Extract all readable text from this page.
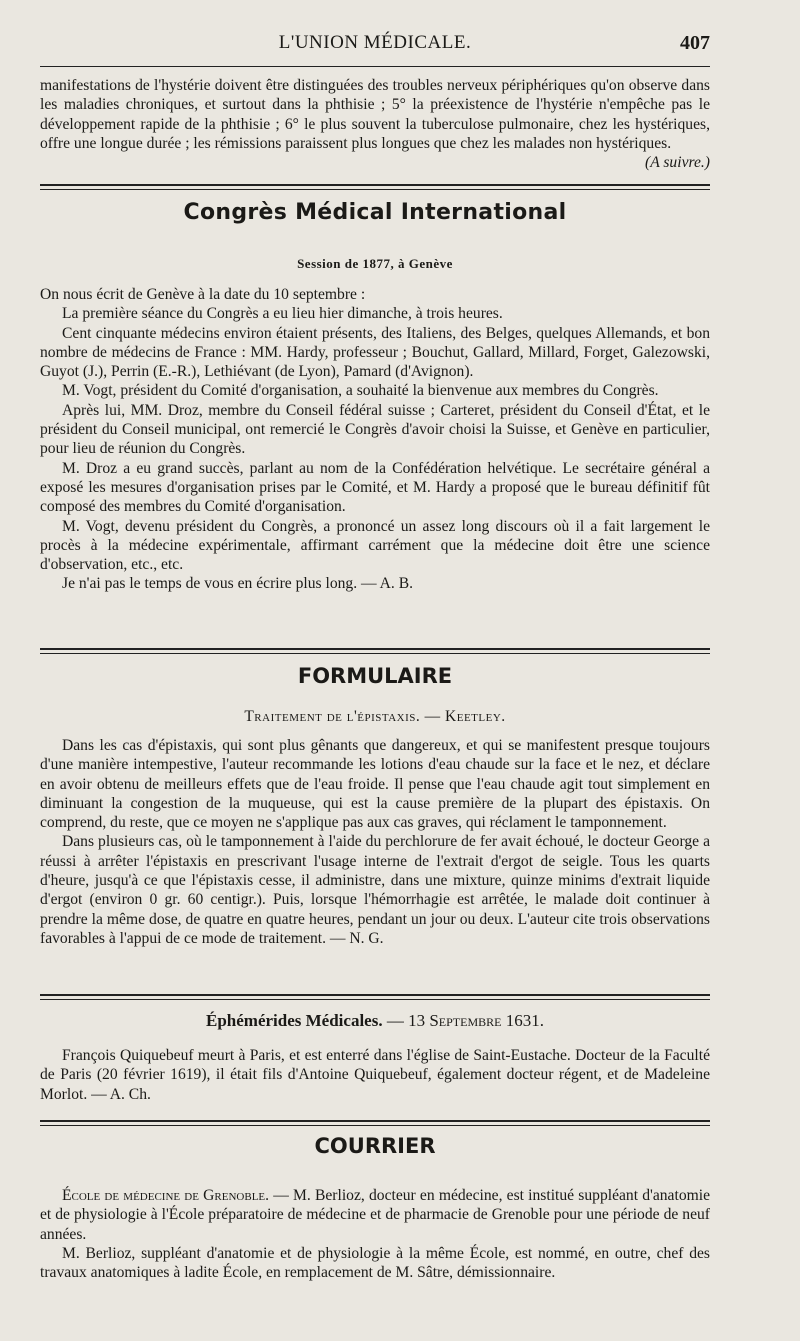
L'UNION MÉDICALE.	407
manifestations de l'hystérie doivent être distinguées des troubles nerveux périphériques qu'on observe dans les maladies chroniques, et surtout dans la phthisie ; 5° la préexistence de l'hystérie n'empêche pas le développement rapide de la phthisie ; 6° le plus souvent la tuberculose pulmonaire, chez les hystériques, offre une longue durée ; les rémissions paraissent plus longues que chez les malades non hystériques.
(A suivre.)
Congrès Médical International
Session de 1877, à Genève

On nous écrit de Genève à la date du 10 septembre :

La première séance du Congrès a eu lieu hier dimanche, à trois heures.

Cent cinquante médecins environ étaient présents, des Italiens, des Belges, quelques Allemands, et bon nombre de médecins de France : MM. Hardy, professeur ; Bouchut, Gallard, Millard, Forget, Galezowski, Guyot (J.), Perrin (E.-R.), Lethiévant (de Lyon), Pamard (d'Avignon).

M. Vogt, président du Comité d'organisation, a souhaité la bienvenue aux membres du Congrès.

Après lui, MM. Droz, membre du Conseil fédéral suisse ; Carteret, président du Conseil d'État, et le président du Conseil municipal, ont remercié le Congrès d'avoir choisi la Suisse, et Genève en particulier, pour lieu de réunion du Congrès.

M. Droz a eu grand succès, parlant au nom de la Confédération helvétique. Le secrétaire général a exposé les mesures d'organisation prises par le Comité, et M. Hardy a proposé que le bureau définitif fût composé des membres du Comité d'organisation.

M. Vogt, devenu président du Congrès, a prononcé un assez long discours où il a fait largement le procès à la médecine expérimentale, affirmant carrément que la médecine doit être une science d'observation, etc., etc.

Je n'ai pas le temps de vous en écrire plus long. — A. B.

FORMULAIRE
Traitement de l'épistaxis. — Keetley.

Dans les cas d'épistaxis, qui sont plus gênants que dangereux, et qui se manifestent presque toujours d'une manière intempestive, l'auteur recommande les lotions d'eau chaude sur la face et le nez, et déclare en avoir obtenu de meilleurs effets que de l'eau froide. Il pense que l'eau chaude agit tout simplement en diminuant la congestion de la muqueuse, qui est la cause première de la plupart des épistaxis. On comprend, du reste, que ce moyen ne s'applique pas aux cas graves, qui réclament le tamponnement.

Dans plusieurs cas, où le tamponnement à l'aide du perchlorure de fer avait échoué, le docteur George a réussi à arrêter l'épistaxis en prescrivant l'usage interne de l'extrait d'ergot de seigle. Tous les quarts d'heure, jusqu'à ce que l'épistaxis cesse, il administre, dans une mixture, quinze minims d'extrait liquide d'ergot (environ 0 gr. 60 centigr.). Puis, lorsque l'hémorrhagie est arrêtée, le malade doit continuer à prendre la même dose, de quatre en quatre heures, pendant un jour ou deux. L'auteur cite trois observations favorables à l'appui de ce mode de traitement. — N. G.

Éphémérides Médicales. — 13 Septembre 1631.
François Quiquebeuf meurt à Paris, et est enterré dans l'église de Saint-Eustache. Docteur de la Faculté de Paris (20 février 1619), il était fils d'Antoine Quiquebeuf, également docteur régent, et de Madeleine Morlot. — A. Ch.
COURRIER

École de médecine de Grenoble. — M. Berlioz, docteur en médecine, est institué suppléant d'anatomie et de physiologie à l'École préparatoire de médecine et de pharmacie de Grenoble pour une période de neuf années.

M. Berlioz, suppléant d'anatomie et de physiologie à la même École, est nommé, en outre, chef des travaux anatomiques à ladite École, en remplacement de M. Sâtre, démissionnaire.
